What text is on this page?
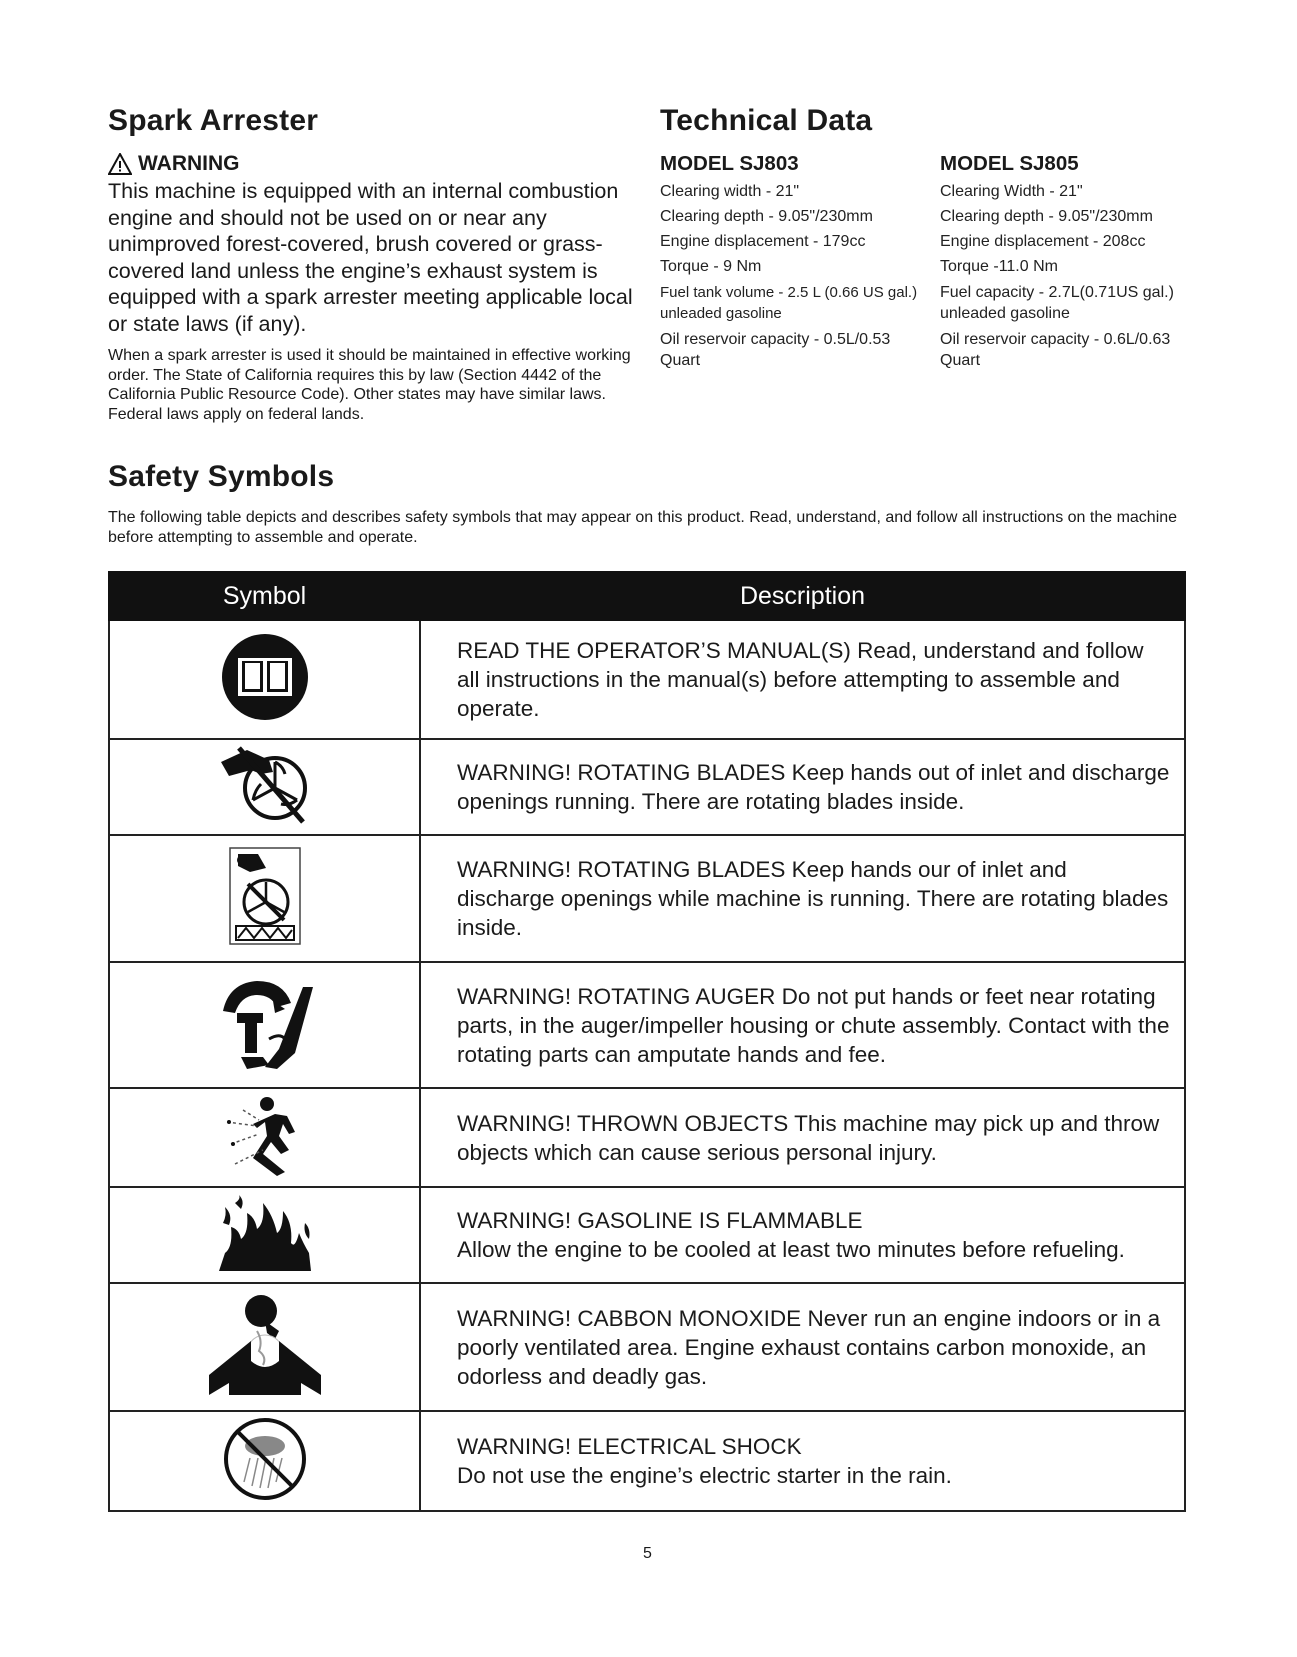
Spark Arrester
WARNING
This machine is equipped with an internal combustion engine and should not be used on or near any unimproved forest-covered, brush covered or grass-covered land unless the engine’s exhaust system is equipped with a spark arrester meeting applicable local or state laws (if any).
When a spark arrester is used it should be maintained in effective working order. The State of California requires this by law (Section 4442 of the California Public Resource Code). Other states may have similar laws. Federal laws apply on federal lands.
Technical Data
MODEL SJ803
Clearing width - 21"
Clearing depth - 9.05"/230mm
Engine displacement - 179cc
Torque - 9 Nm
Fuel tank volume - 2.5 L (0.66 US gal.) unleaded gasoline
Oil reservoir capacity - 0.5L/0.53 Quart
MODEL SJ805
Clearing Width - 21"
Clearing depth - 9.05"/230mm
Engine displacement - 208cc
Torque -11.0 Nm
Fuel capacity - 2.7L(0.71US gal.) unleaded gasoline
Oil reservoir capacity - 0.6L/0.63 Quart
Safety Symbols
The following table depicts and describes safety symbols that may appear on this product. Read, understand, and follow all instructions on the machine before attempting to assemble and operate.
Symbol	Description

READ THE OPERATOR’S MANUAL(S) Read, understand and follow all instructions in the manual(s) before attempting to assemble and operate.

WARNING! ROTATING BLADES Keep hands out of inlet and discharge openings running. There are rotating blades inside.

WARNING! ROTATING BLADES Keep hands our of inlet and discharge openings while machine is running. There are rotating blades inside.

WARNING! ROTATING AUGER Do not put hands or feet near rotating parts, in the auger/impeller housing or chute assembly. Contact with the rotating parts can amputate hands and fee.

WARNING! THROWN OBJECTS This machine may pick up and throw objects which can cause serious personal injury.

WARNING! GASOLINE IS FLAMMABLE
Allow the engine to be cooled at least two minutes before refueling.

WARNING! CABBON MONOXIDE Never run an engine indoors or in a poorly ventilated area. Engine exhaust contains carbon monoxide, an odorless and deadly gas.

WARNING! ELECTRICAL SHOCK
Do not use the engine’s electric starter in the rain.
5
